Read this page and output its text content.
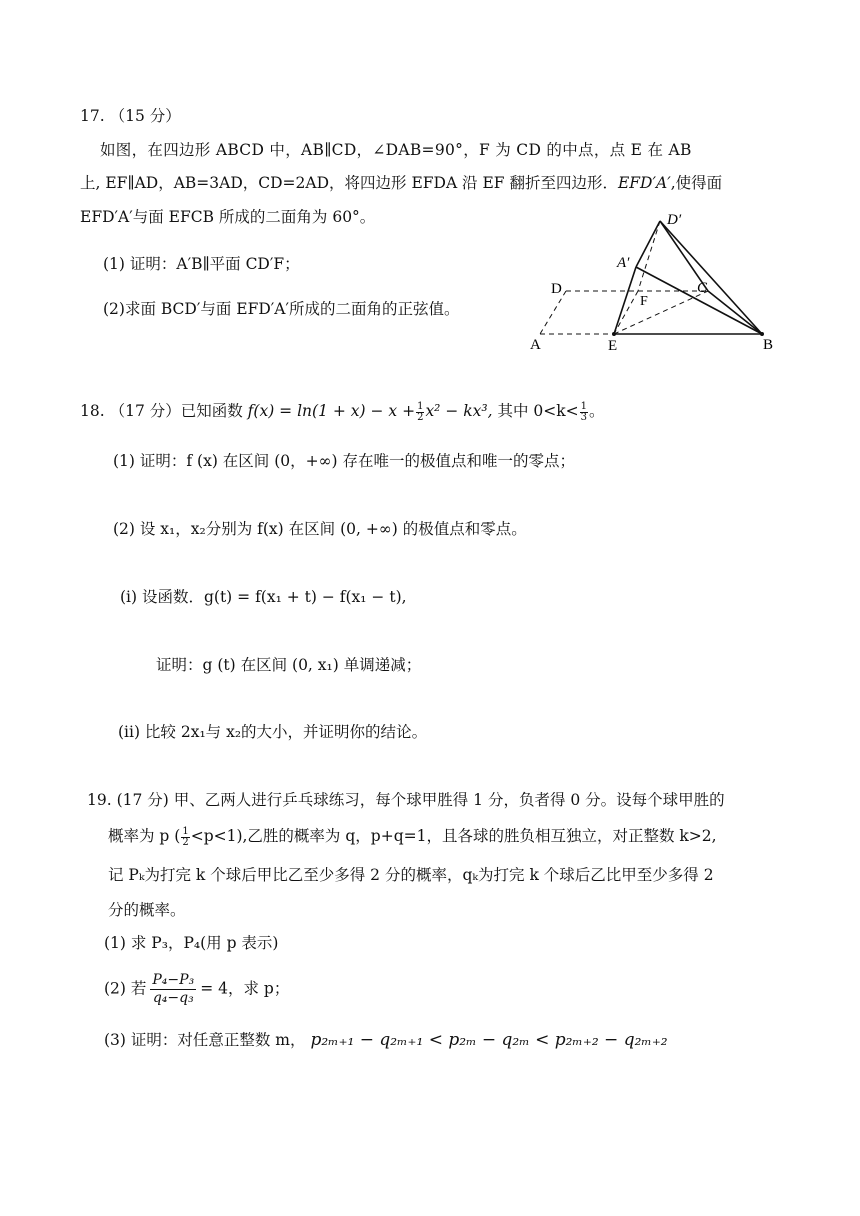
17. （15 分）
如图，在四边形 ABCD 中，AB∥CD，∠DAB=90°，F 为 CD 的中点，点 E 在 AB
上, EF∥AD，AB=3AD，CD=2AD，将四边形 EFDA 沿 EF 翻折至四边形．EFD′A′,使得面
EFD′A′与面 EFCB 所成的二面角为 60°。
(1) 证明：A′B∥平面 CD′F；
(2)求面 BCD′与面 EFD′A′所成的二面角的正弦值。
D′
A′
C
D
F
A	E	B
18. （17 分）已知函数 $f(x) = \ln(1 + x) - x + \frac{1}{2} x^2 - kx^3$, 其中 $0<k< \frac{1}{3}$ 。
(1) 证明：f (x) 在区间 (0，+∞) 存在唯一的极值点和唯一的零点；
(2) 设 x₁，x₂分别为 f(x) 在区间 (0, +∞) 的极值点和零点。
(i) 设函数．g(t) = f(x₁ + t) − f(x₁ − t),
证明：g (t) 在区间 (0, x₁) 单调递减；
(ii) 比较 2x₁与 x₂的大小，并证明你的结论。
19. (17 分) 甲、乙两人进行乒乓球练习，每个球甲胜得 1 分，负者得 0 分。设每个球甲胜的
概率为 p ( $\frac{1}{2} <p<1$),乙胜的概率为 q，p+q=1，且各球的胜负相互独立，对正整数 k>2,
记 Pₖ为打完 k 个球后甲比乙至少多得 2 分的概率，qₖ为打完 k 个球后乙比甲至少多得 2
分的概率。
(1) 求 P₃，P₄(用 p 表示)
(2) 若 $\frac{\text{P₄−P₃}}{\text{q₄−q₃}} = 4$，求 p；
(3) 证明：对任意正整数 m， p₂ₘ₊₁ − q₂ₘ₊₁ < p₂ₘ − q₂ₘ < p₂ₘ₊₂ − q₂ₘ₊₂
